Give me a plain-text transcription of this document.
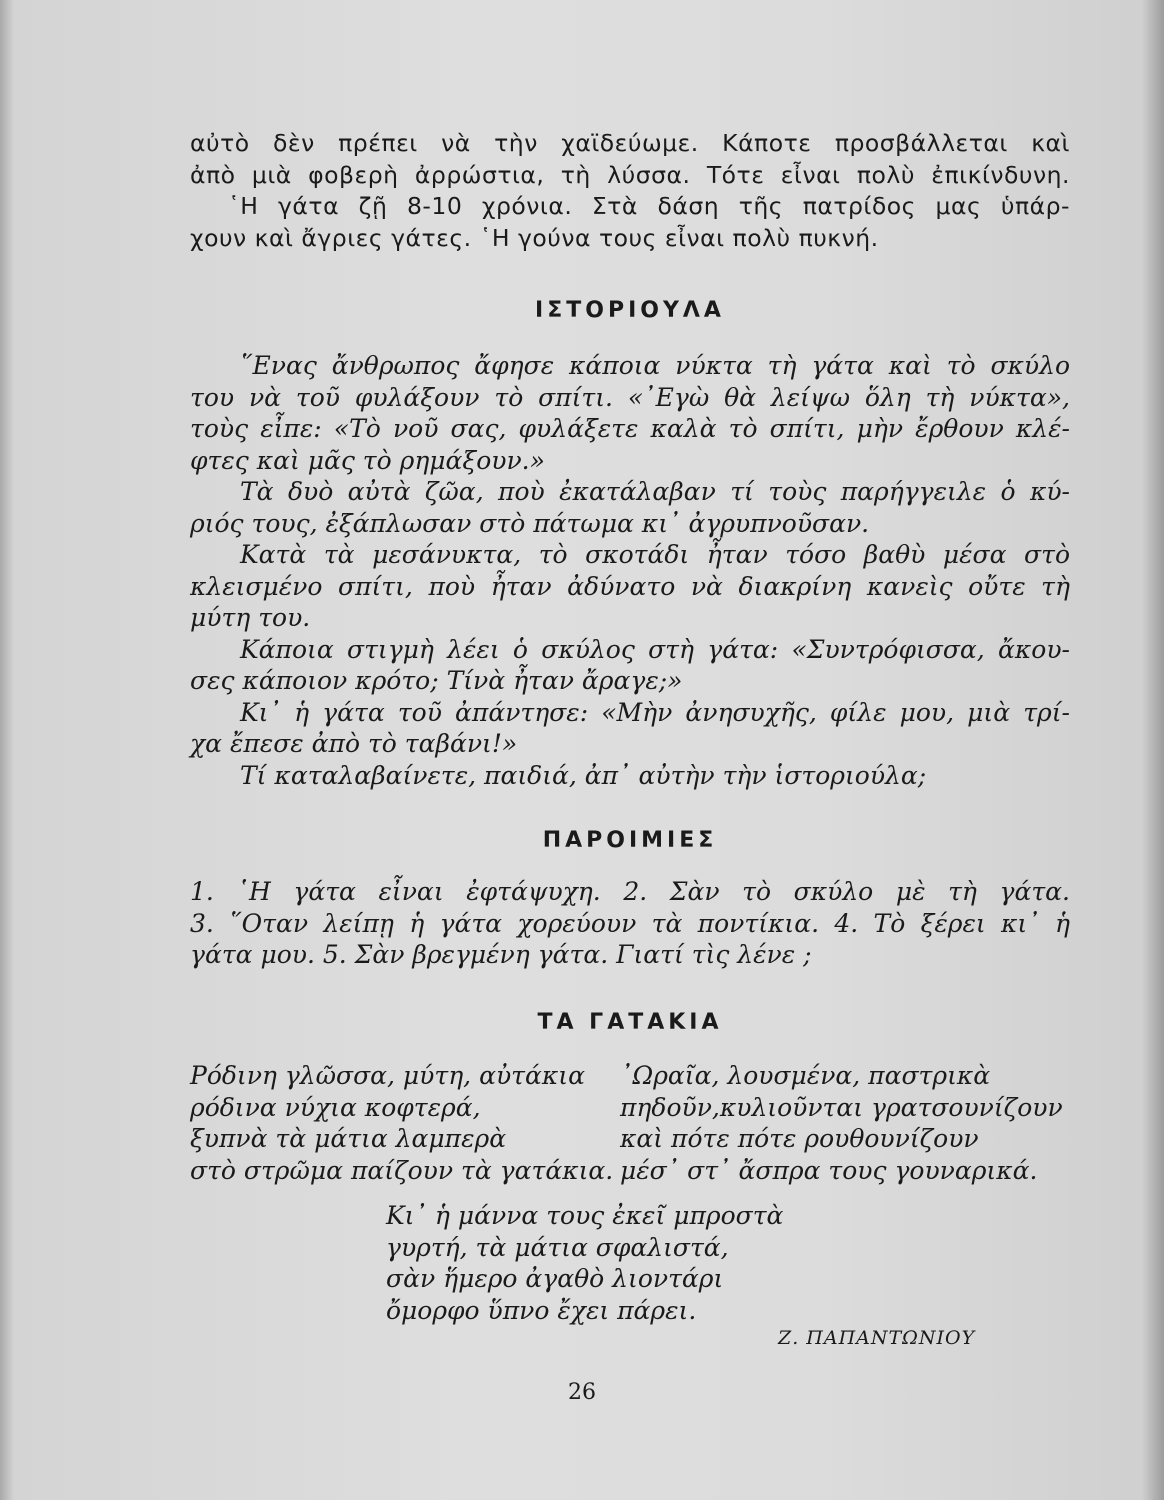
αὐτὸ δὲν πρέπει νὰ τὴν χαϊδεύωμε. Κάποτε προσβάλλεται καὶ
ἀπὸ μιὰ φοβερὴ ἀρρώστια, τὴ λύσσα. Τότε εἶναι πολὺ ἐπικίνδυνη.
῾Η γάτα ζῇ 8-10 χρόνια. Στὰ δάση τῆς πατρίδος μας ὑπάρ-
χουν καὶ ἄγριες γάτες. ῾Η γούνα τους εἶναι πολὺ πυκνή.
ΙΣΤΟΡΙΟΥΛΑ
῞Ενας ἄνθρωπος ἄφησε κάποια νύκτα τὴ γάτα καὶ τὸ σκύλο
του νὰ τοῦ φυλάξουν τὸ σπίτι. «᾽Εγὼ θὰ λείψω ὅλη τὴ νύκτα»,
τοὺς εἶπε: «Τὸ νοῦ σας, φυλάξετε καλὰ τὸ σπίτι, μὴν ἔρθουν κλέ-
φτες καὶ μᾶς τὸ ρημάξουν.»
Τὰ δυὸ αὐτὰ ζῶα, ποὺ ἐκατάλαβαν τί τοὺς παρήγγειλε ὁ κύ-
ριός τους, ἐξάπλωσαν στὸ πάτωμα κι᾽ ἀγρυπνοῦσαν.
Κατὰ τὰ μεσάνυκτα, τὸ σκοτάδι ἦταν τόσο βαθὺ μέσα στὸ
κλεισμένο σπίτι, ποὺ ἦταν ἀδύνατο νὰ διακρίνη κανεὶς οὔτε τὴ
μύτη του.
Κάποια στιγμὴ λέει ὁ σκύλος στὴ γάτα: «Συντρόφισσα, ἄκου-
σες κάποιον κρότο; Τίνὰ ἦταν ἄραγε;»
Κι᾽ ἡ γάτα τοῦ ἀπάντησε: «Μὴν ἀνησυχῆς, φίλε μου, μιὰ τρί-
χα ἔπεσε ἀπὸ τὸ ταβάνι!»
Τί καταλαβαίνετε, παιδιά, ἀπ᾽ αὐτὴν τὴν ἱστοριούλα;
ΠΑΡΟΙΜΙΕΣ
1. ῾Η γάτα εἶναι ἐφτάψυχη. 2. Σὰν τὸ σκύλο μὲ τὴ γάτα.
3. ῞Οταν λείπῃ ἡ γάτα χορεύουν τὰ ποντίκια. 4. Τὸ ξέρει κι᾽ ἡ
γάτα μου. 5. Σὰν βρεγμένη γάτα. Γιατί τὶς λένε ;
ΤΑ ΓΑΤΑΚΙΑ
Ρόδινη γλῶσσα, μύτη, αὐτάκια
ρόδινα νύχια κοφτερά,
ξυπνὰ τὰ μάτια λαμπερὰ
στὸ στρῶμα παίζουν τὰ γατάκια.
᾽Ωραῖα, λουσμένα, παστρικὰ
πηδοῦν,κυλιοῦνται γρατσουνίζουν
καὶ πότε πότε ρουθουνίζουν
μέσ᾽ στ᾽ ἄσπρα τους γουναρικά.
Κι᾽ ἡ μάννα τους ἐκεῖ μπροστὰ
γυρτή, τὰ μάτια σφαλιστά,
σὰν ἥμερο ἀγαθὸ λιοντάρι
ὄμορφο ὕπνο ἔχει πάρει.
Ζ. ΠΑΠΑΝΤΩΝΙΟΥ
26
